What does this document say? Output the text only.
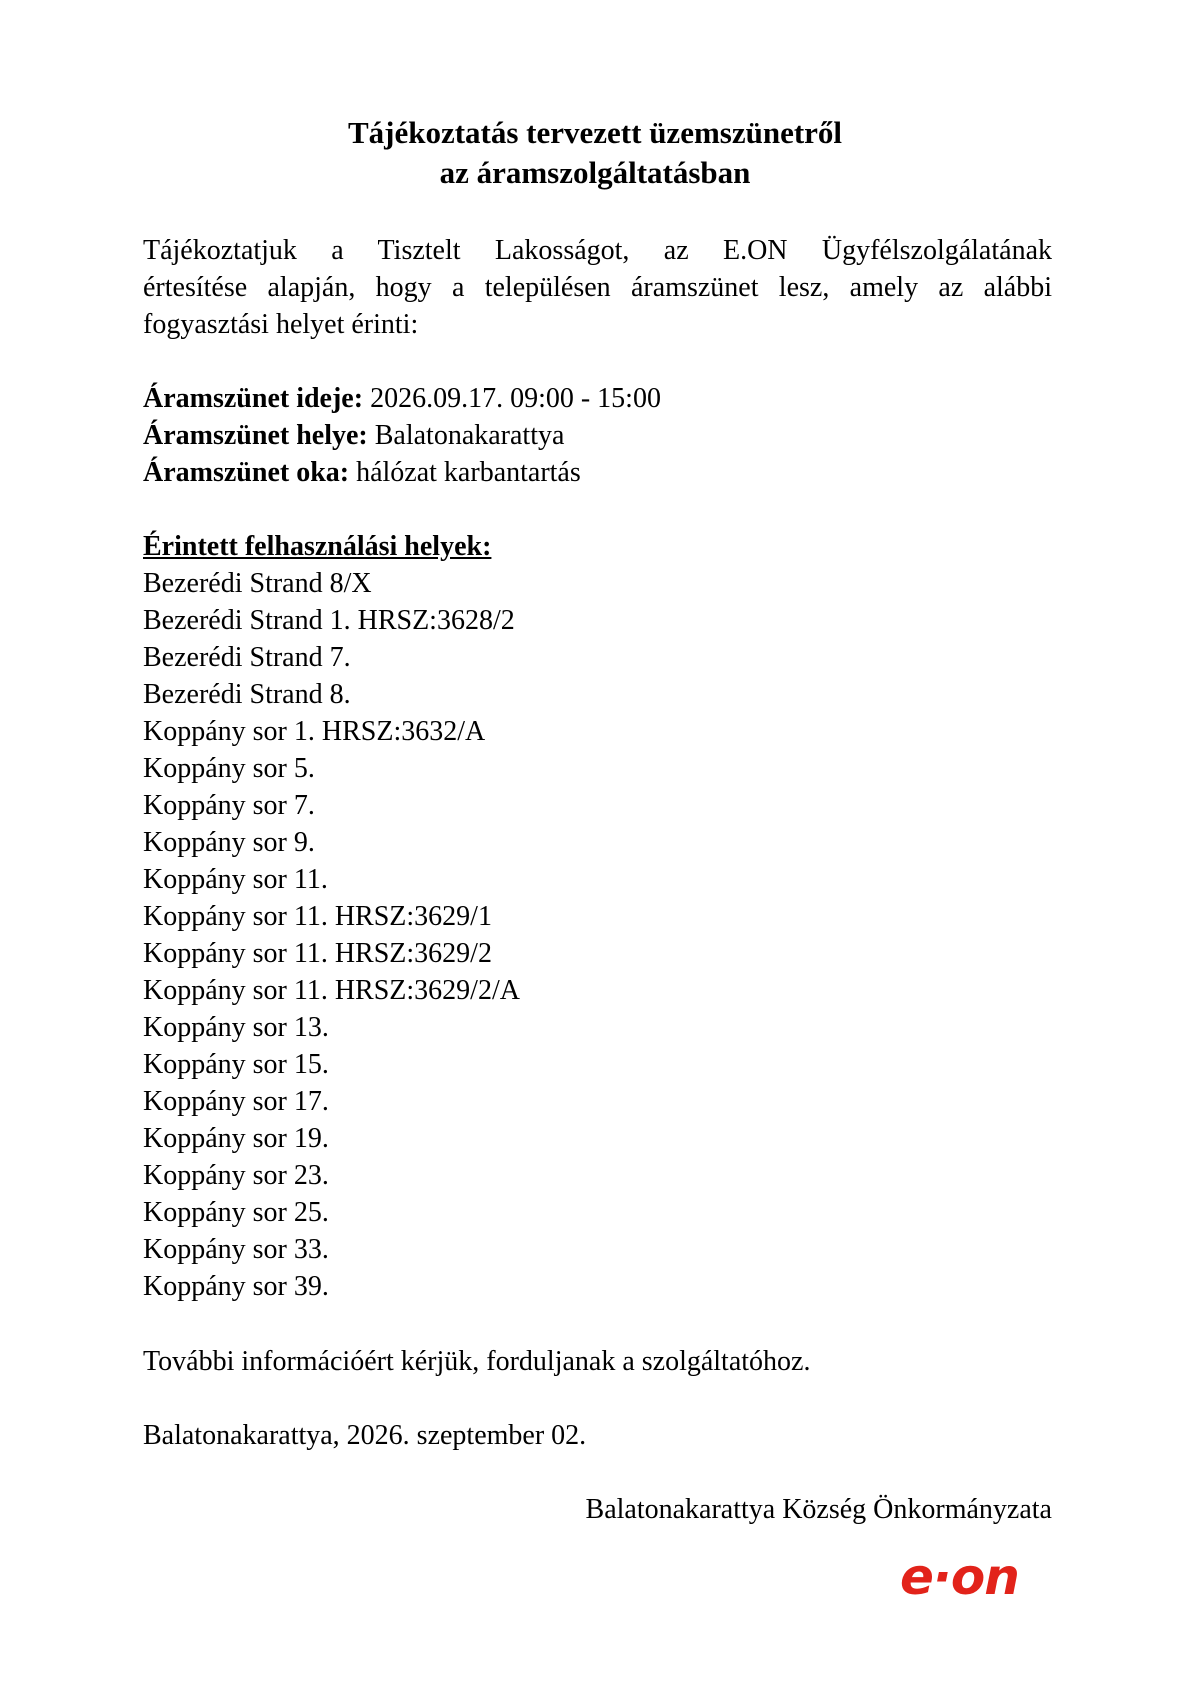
Tájékoztatás tervezett üzemszünetről
az áramszolgáltatásban
Tájékoztatjuk a Tisztelt Lakosságot, az E.ON Ügyfélszolgálatának
értesítése alapján, hogy a településen áramszünet lesz, amely az alábbi
fogyasztási helyet érinti:
Áramszünet ideje: 2026.09.17. 09:00 - 15:00
Áramszünet helye: Balatonakarattya
Áramszünet oka: hálózat karbantartás
Érintett felhasználási helyek:
Bezerédi Strand 8/X
Bezerédi Strand 1. HRSZ:3628/2
Bezerédi Strand 7.
Bezerédi Strand 8.
Koppány sor 1. HRSZ:3632/A
Koppány sor 5.
Koppány sor 7.
Koppány sor 9.
Koppány sor 11.
Koppány sor 11. HRSZ:3629/1
Koppány sor 11. HRSZ:3629/2
Koppány sor 11. HRSZ:3629/2/A
Koppány sor 13.
Koppány sor 15.
Koppány sor 17.
Koppány sor 19.
Koppány sor 23.
Koppány sor 25.
Koppány sor 33.
Koppány sor 39.
További információért kérjük, forduljanak a szolgáltatóhoz.
Balatonakarattya, 2026. szeptember 02.
Balatonakarattya Község Önkormányzata
e·on
